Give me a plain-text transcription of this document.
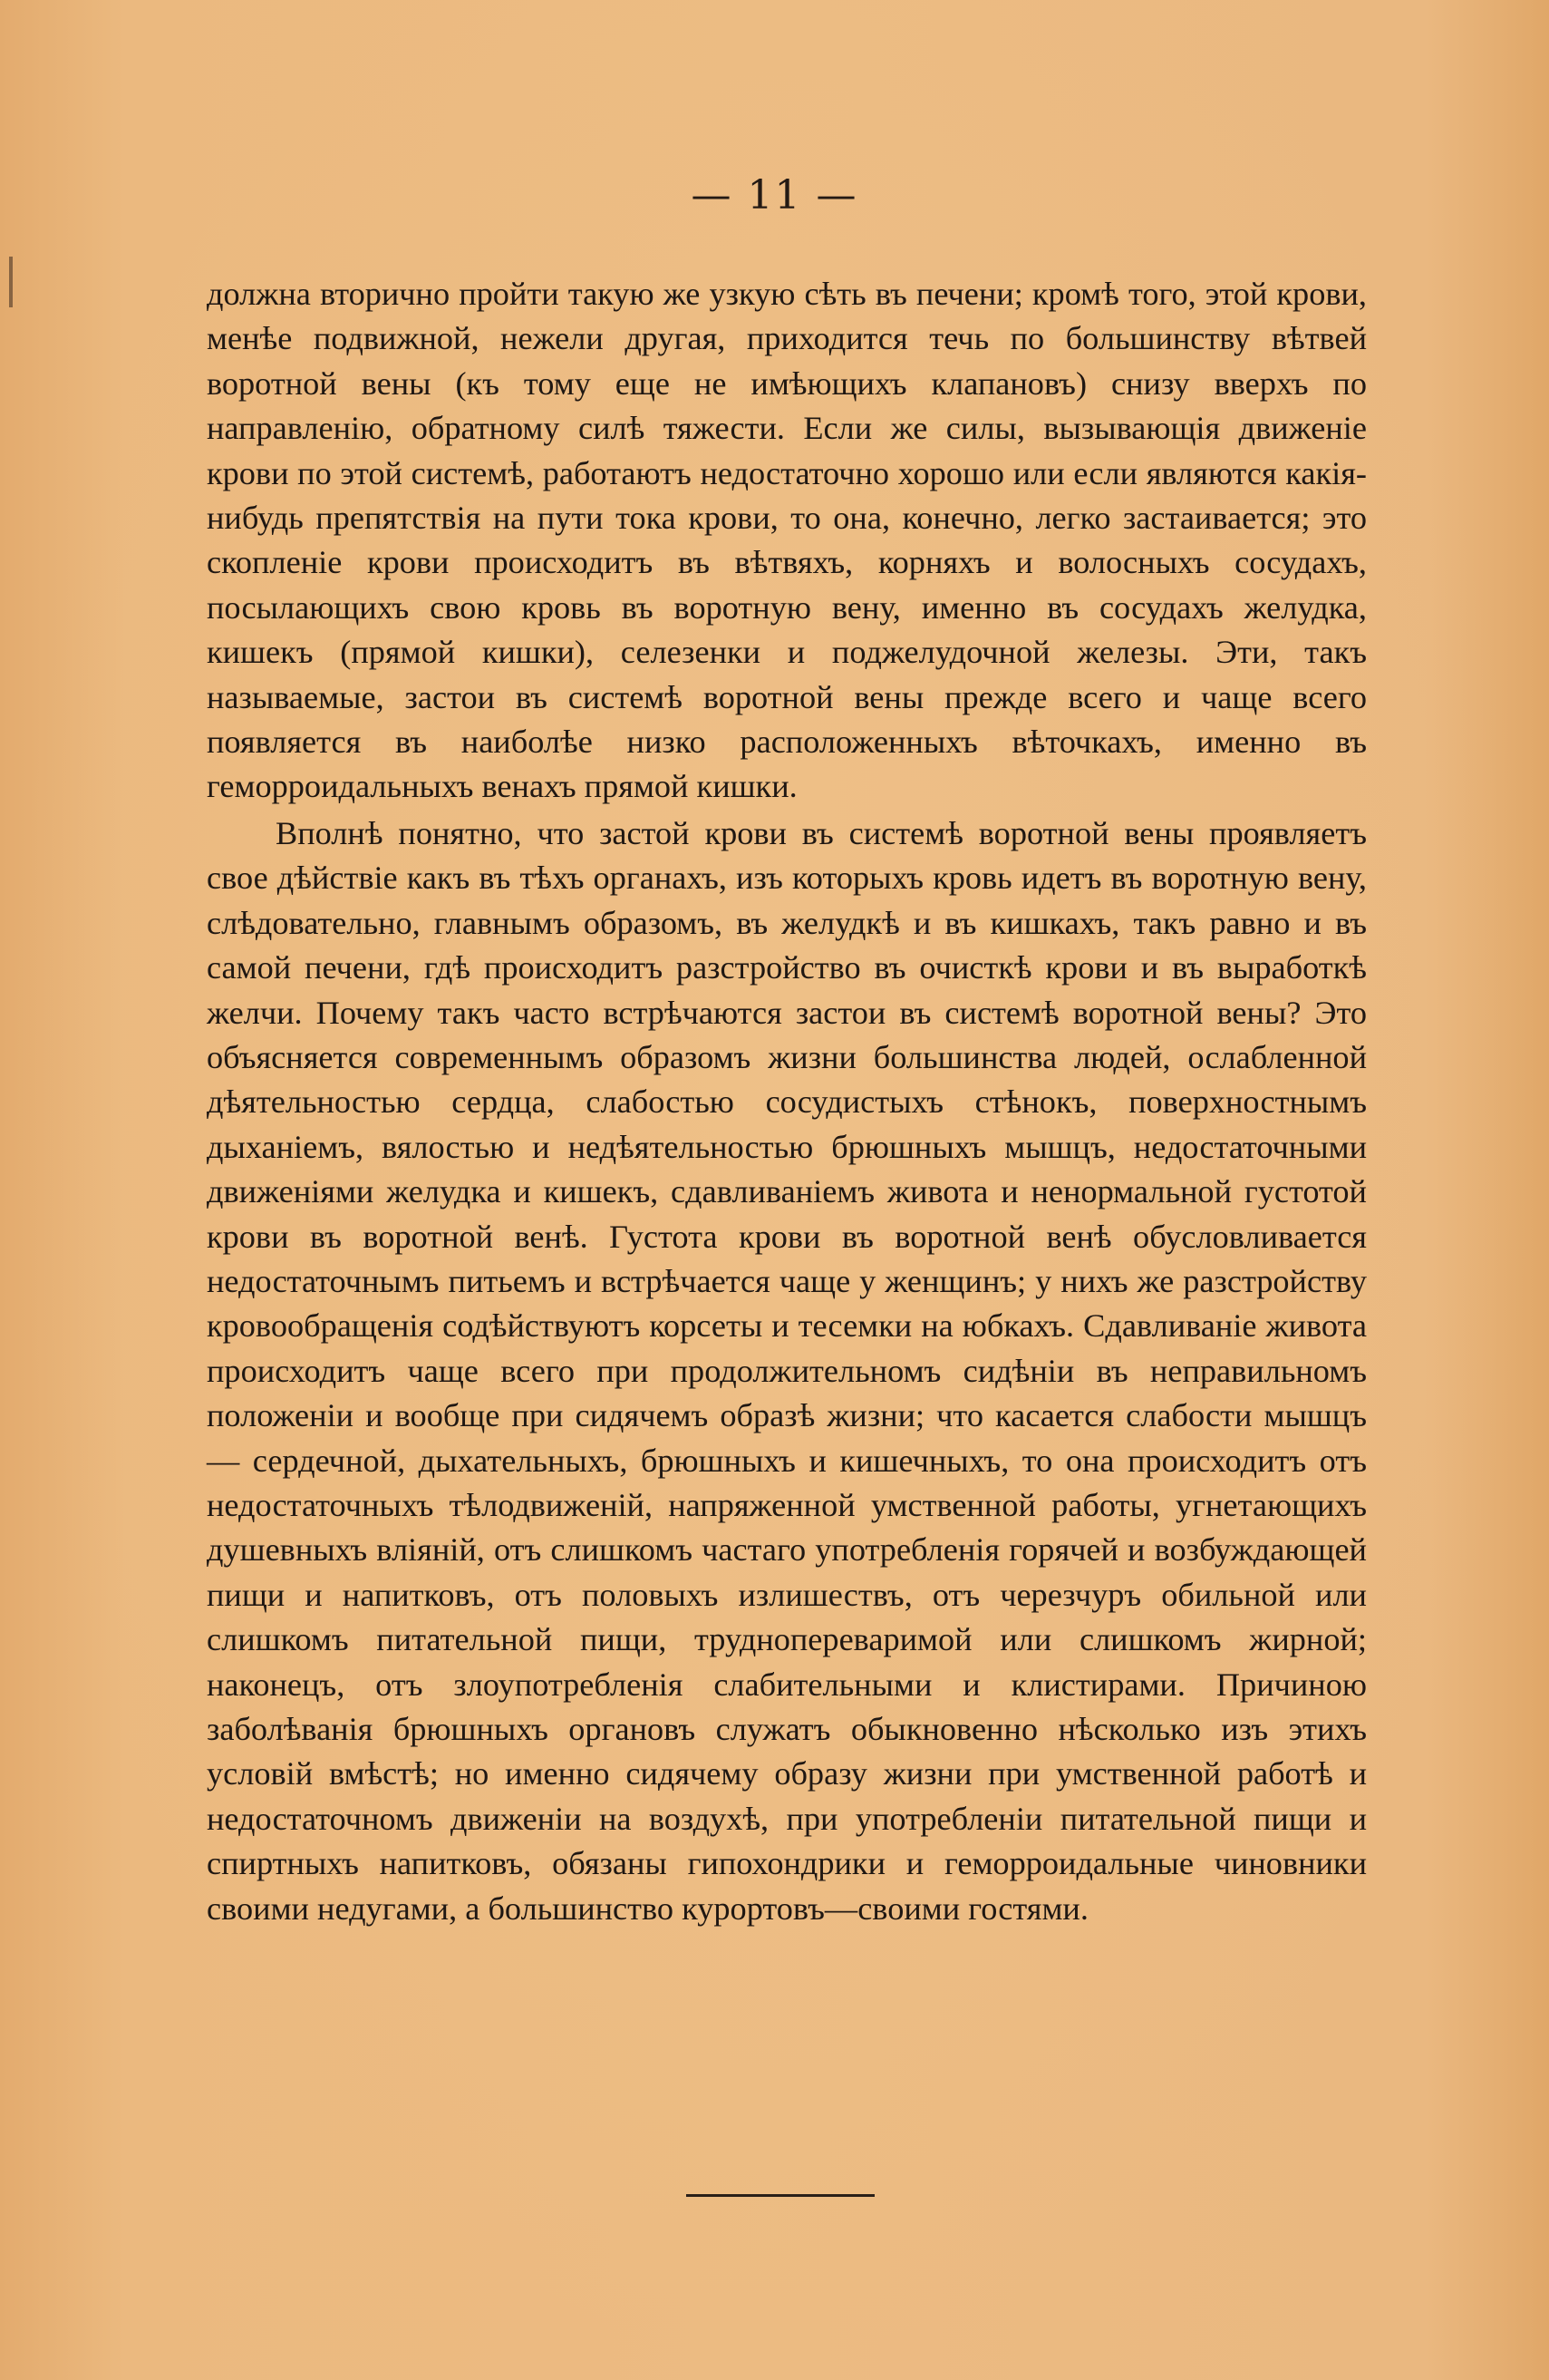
— 11 —

должна вторично пройти такую же узкую сѣть въ печени; кромѣ того, этой крови, менѣе подвижной, нежели другая, приходится течь по большинству вѣтвей воротной вены (къ тому еще не имѣющихъ клапановъ) снизу вверхъ по направленію, обратному силѣ тяжести. Если же силы, вызывающія движеніе крови по этой системѣ, работаютъ недостаточно хорошо или если являются какія-нибудь препятствія на пути тока крови, то она, конечно, легко застаивается; это скопленіе крови происходитъ въ вѣтвяхъ, корняхъ и волосныхъ сосудахъ, посылающихъ свою кровь въ воротную вену, именно въ сосудахъ желудка, кишекъ (прямой кишки), селезенки и поджелудочной железы. Эти, такъ называемые, застои въ системѣ воротной вены прежде всего и чаще всего появляется въ наиболѣе низко расположенныхъ вѣточкахъ, именно въ геморроидальныхъ венахъ прямой кишки.

Вполнѣ понятно, что застой крови въ системѣ воротной вены проявляетъ свое дѣйствіе какъ въ тѣхъ органахъ, изъ которыхъ кровь идетъ въ воротную вену, слѣдовательно, главнымъ образомъ, въ желудкѣ и въ кишкахъ, такъ равно и въ самой печени, гдѣ происходитъ разстройство въ очисткѣ крови и въ выработкѣ желчи. Почему такъ часто встрѣчаются застои въ системѣ воротной вены? Это объясняется современнымъ образомъ жизни большинства людей, ослабленной дѣятельностью сердца, слабостью сосудистыхъ стѣнокъ, поверхностнымъ дыханіемъ, вялостью и недѣятельностью брюшныхъ мышцъ, недостаточными движеніями желудка и кишекъ, сдавливаніемъ живота и ненормальной густотой крови въ воротной венѣ. Густота крови въ воротной венѣ обусловливается недостаточнымъ питьемъ и встрѣчается чаще у женщинъ; у нихъ же разстройству кровообращенія содѣйствуютъ корсеты и тесемки на юбкахъ. Сдавливаніе живота происходитъ чаще всего при продолжительномъ сидѣніи въ неправильномъ положеніи и вообще при сидячемъ образѣ жизни; что касается слабости мышцъ — сердечной, дыхательныхъ, брюшныхъ и кишечныхъ, то она происходитъ отъ недостаточныхъ тѣлодвиженій, напряженной умственной работы, угнетающихъ душевныхъ вліяній, отъ слишкомъ частаго употребленія горячей и возбуждающей пищи и напитковъ, отъ половыхъ излишествъ, отъ черезчуръ обильной или слишкомъ питательной пищи, труднопереваримой или слишкомъ жирной; наконецъ, отъ злоупотребленія слабительными и клистирами. Причиною заболѣванія брюшныхъ органовъ служатъ обыкновенно нѣсколько изъ этихъ условій вмѣстѣ; но именно сидячему образу жизни при умственной работѣ и недостаточномъ движеніи на воздухѣ, при употребленіи питательной пищи и спиртныхъ напитковъ, обязаны гипохондрики и геморроидальные чиновники своими недугами, а большинство курортовъ—своими гостями.
